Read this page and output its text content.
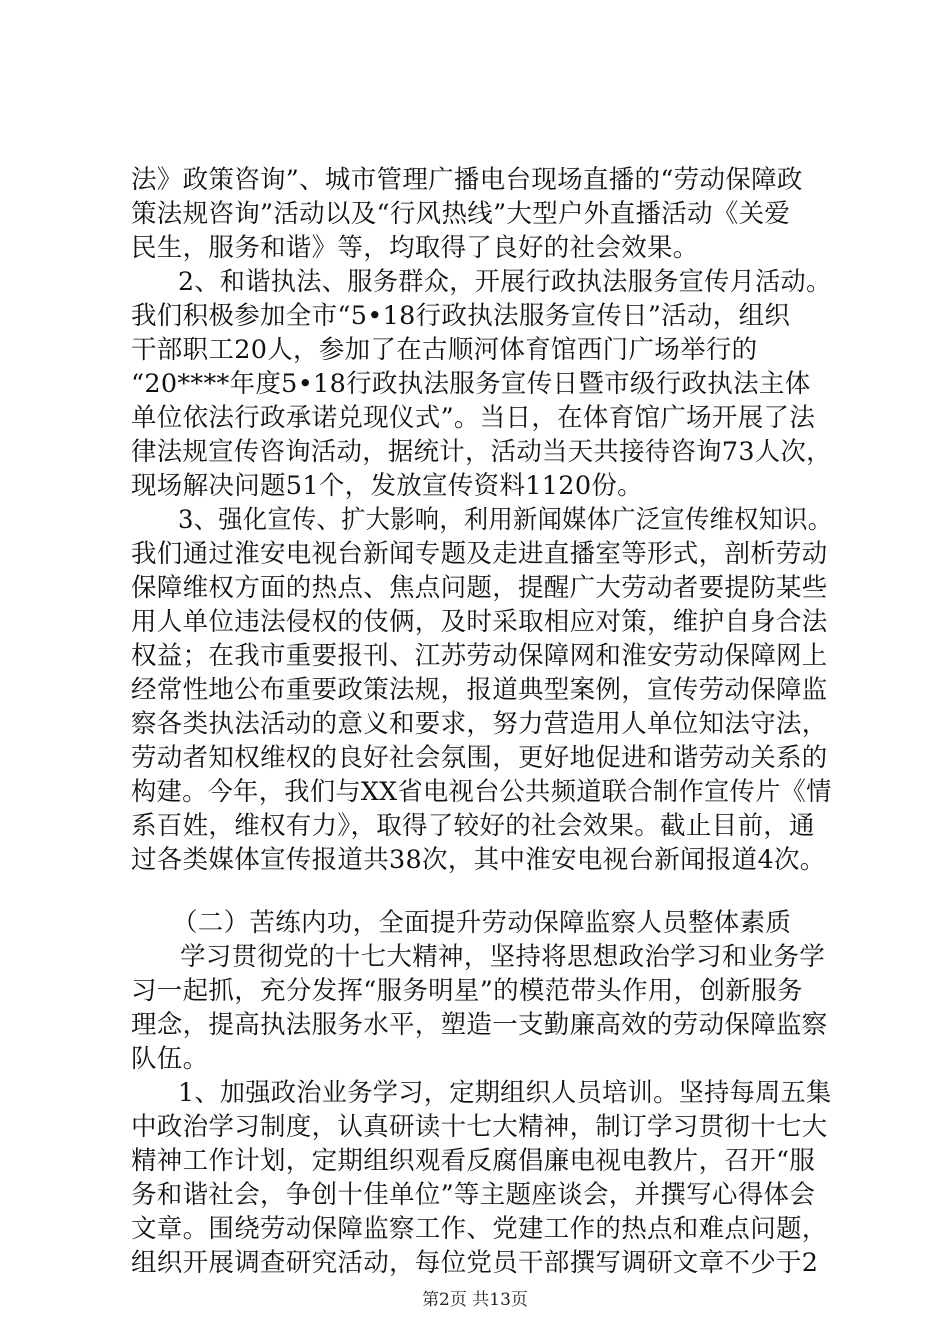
法》政策咨询”、城市管理广播电台现场直播的“劳动保障政
策法规咨询”活动以及“行风热线”大型户外直播活动《关爱
民生，服务和谐》等，均取得了良好的社会效果。
2、和谐执法、服务群众，开展行政执法服务宣传月活动。
我们积极参加全市“5•18行政执法服务宣传日”活动，组织
干部职工20人，参加了在古顺河体育馆西门广场举行的
“20****年度5•18行政执法服务宣传日暨市级行政执法主体
单位依法行政承诺兑现仪式”。当日，在体育馆广场开展了法
律法规宣传咨询活动，据统计，活动当天共接待咨询73人次，
现场解决问题51个，发放宣传资料1120份。
3、强化宣传、扩大影响，利用新闻媒体广泛宣传维权知识。
我们通过淮安电视台新闻专题及走进直播室等形式，剖析劳动
保障维权方面的热点、焦点问题，提醒广大劳动者要提防某些
用人单位违法侵权的伎俩，及时采取相应对策，维护自身合法
权益；在我市重要报刊、江苏劳动保障网和淮安劳动保障网上
经常性地公布重要政策法规，报道典型案例，宣传劳动保障监
察各类执法活动的意义和要求，努力营造用人单位知法守法，
劳动者知权维权的良好社会氛围，更好地促进和谐劳动关系的
构建。今年，我们与XX省电视台公共频道联合制作宣传片《情
系百姓，维权有力》，取得了较好的社会效果。截止目前，通
过各类媒体宣传报道共38次，其中淮安电视台新闻报道4次。
（二）苦练内功，全面提升劳动保障监察人员整体素质
学习贯彻党的十七大精神，坚持将思想政治学习和业务学
习一起抓，充分发挥“服务明星”的模范带头作用，创新服务
理念，提高执法服务水平，塑造一支勤廉高效的劳动保障监察
队伍。
1、加强政治业务学习，定期组织人员培训。坚持每周五集
中政治学习制度，认真研读十七大精神，制订学习贯彻十七大
精神工作计划，定期组织观看反腐倡廉电视电教片，召开“服
务和谐社会，争创十佳单位”等主题座谈会，并撰写心得体会
文章。围绕劳动保障监察工作、党建工作的热点和难点问题，
组织开展调查研究活动，每位党员干部撰写调研文章不少于2
第2页 共13页
